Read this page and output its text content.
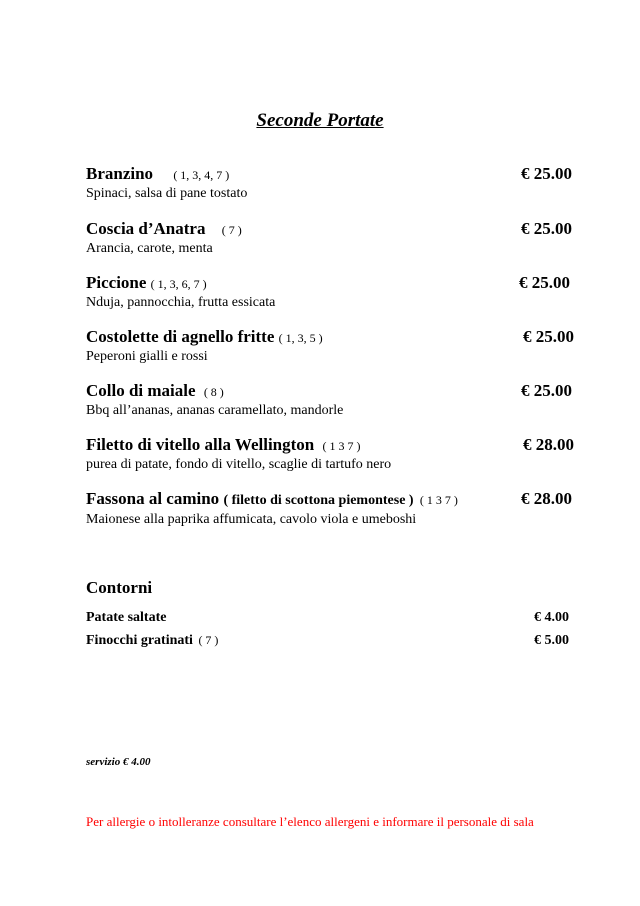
Seconde Portate
Branzino ( 1, 3, 4, 7 )
Spinaci, salsa di pane tostato
€ 25.00
Coscia d’Anatra ( 7 )
Arancia, carote, menta
€ 25.00
Piccione ( 1, 3, 6, 7 )
Nduja, pannocchia, frutta essicata
€ 25.00
Costolette di agnello fritte ( 1, 3, 5 )
Peperoni gialli e rossi
€ 25.00
Collo di maiale ( 8 )
Bbq all’ananas, ananas caramellato, mandorle
€ 25.00
Filetto di vitello alla Wellington ( 1 3 7 )
purea di patate, fondo di vitello, scaglie di tartufo nero
€ 28.00
Fassona al camino ( filetto di scottona piemontese ) ( 1 3 7 )
Maionese alla paprika affumicata, cavolo viola e umeboshi
€ 28.00
Contorni
Patate saltate	€ 4.00
Finocchi gratinati ( 7 )	€ 5.00
servizio € 4.00
Per allergie o intolleranze consultare l’elenco allergeni e informare il personale di sala
